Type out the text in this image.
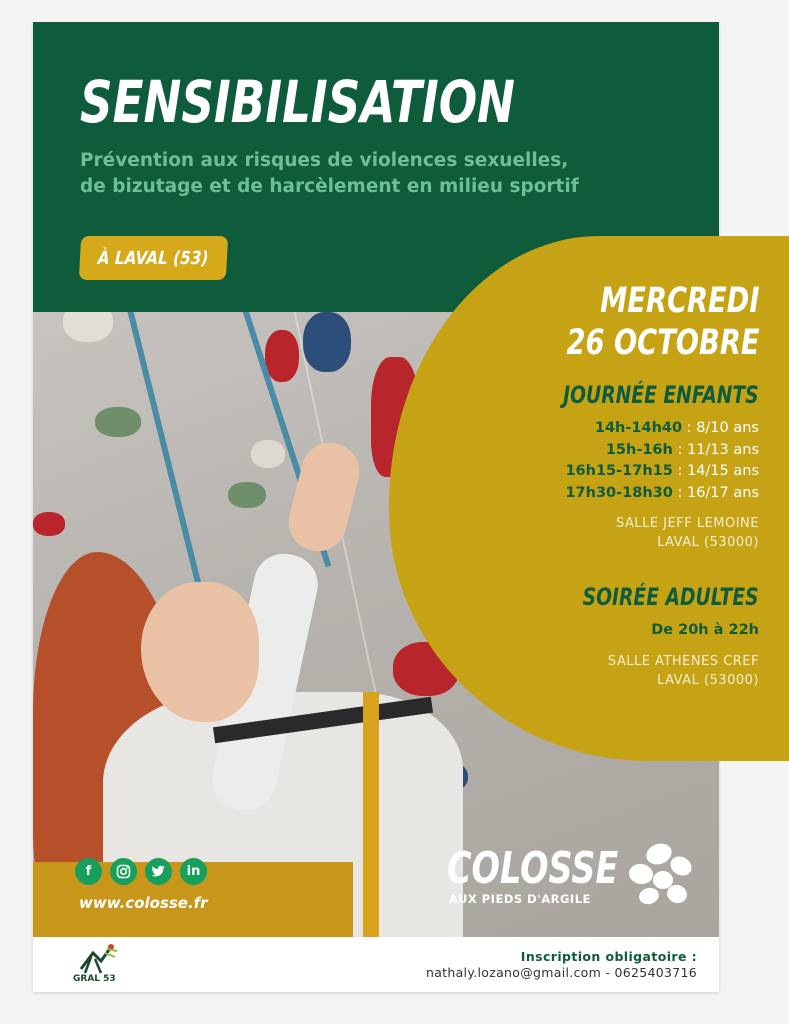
SENSIBILISATION

Prévention aux risques de violences sexuelles,
de bizutage et de harcèlement en milieu sportif

À LAVAL (53)
MERCREDI
26 OCTOBRE
JOURNÉE ENFANTS
14h-14h40 : 8/10 ans
15h-16h : 11/13 ans
16h15-17h15 : 14/15 ans
17h30-18h30 : 16/17 ans
SALLE JEFF LEMOINE
LAVAL (53000)
SOIRÉE ADULTES
De 20h à 22h
SALLE ATHENES CREF
LAVAL (53000)
f	in

www.colosse.fr

COLOSSE

AUX PIEDS D'ARGILE

GRAL 53

Inscription obligatoire :

nathaly.lozano@gmail.com - 0625403716
